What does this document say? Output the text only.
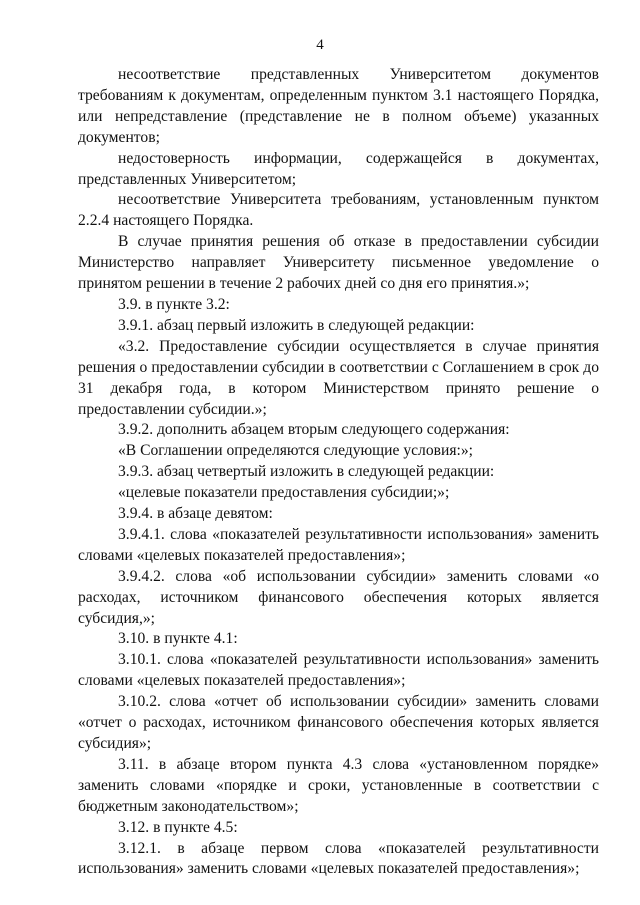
4

несоответствие представленных Университетом документов требованиям к документам, определенным пунктом 3.1 настоящего Порядка, или непредставление (представление не в полном объеме) указанных документов;

недостоверность информации, содержащейся в документах, представленных Университетом;

несоответствие Университета требованиям, установленным пунктом 2.2.4 настоящего Порядка.

В случае принятия решения об отказе в предоставлении субсидии Министерство направляет Университету письменное уведомление о принятом решении в течение 2 рабочих дней со дня его принятия.»;

3.9. в пункте 3.2:

3.9.1. абзац первый изложить в следующей редакции:

«3.2. Предоставление субсидии осуществляется в случае принятия решения о предоставлении субсидии в соответствии с Соглашением в срок до 31 декабря года, в котором Министерством принято решение о предоставлении субсидии.»;

3.9.2. дополнить абзацем вторым следующего содержания:

«В Соглашении определяются следующие условия:»;

3.9.3. абзац четвертый изложить в следующей редакции:

«целевые показатели предоставления субсидии;»;

3.9.4. в абзаце девятом:

3.9.4.1. слова «показателей результативности использования» заменить словами «целевых показателей предоставления»;

3.9.4.2. слова «об использовании субсидии» заменить словами «о расходах, источником финансового обеспечения которых является субсидия,»;

3.10. в пункте 4.1:

3.10.1. слова «показателей результативности использования» заменить словами «целевых показателей предоставления»;

3.10.2. слова «отчет об использовании субсидии» заменить словами «отчет о расходах, источником финансового обеспечения которых является субсидия»;

3.11. в абзаце втором пункта 4.3 слова «установленном порядке» заменить словами «порядке и сроки, установленные в соответствии с бюджетным законодательством»;

3.12. в пункте 4.5:

3.12.1. в абзаце первом слова «показателей результативности использования» заменить словами «целевых показателей предоставления»;
